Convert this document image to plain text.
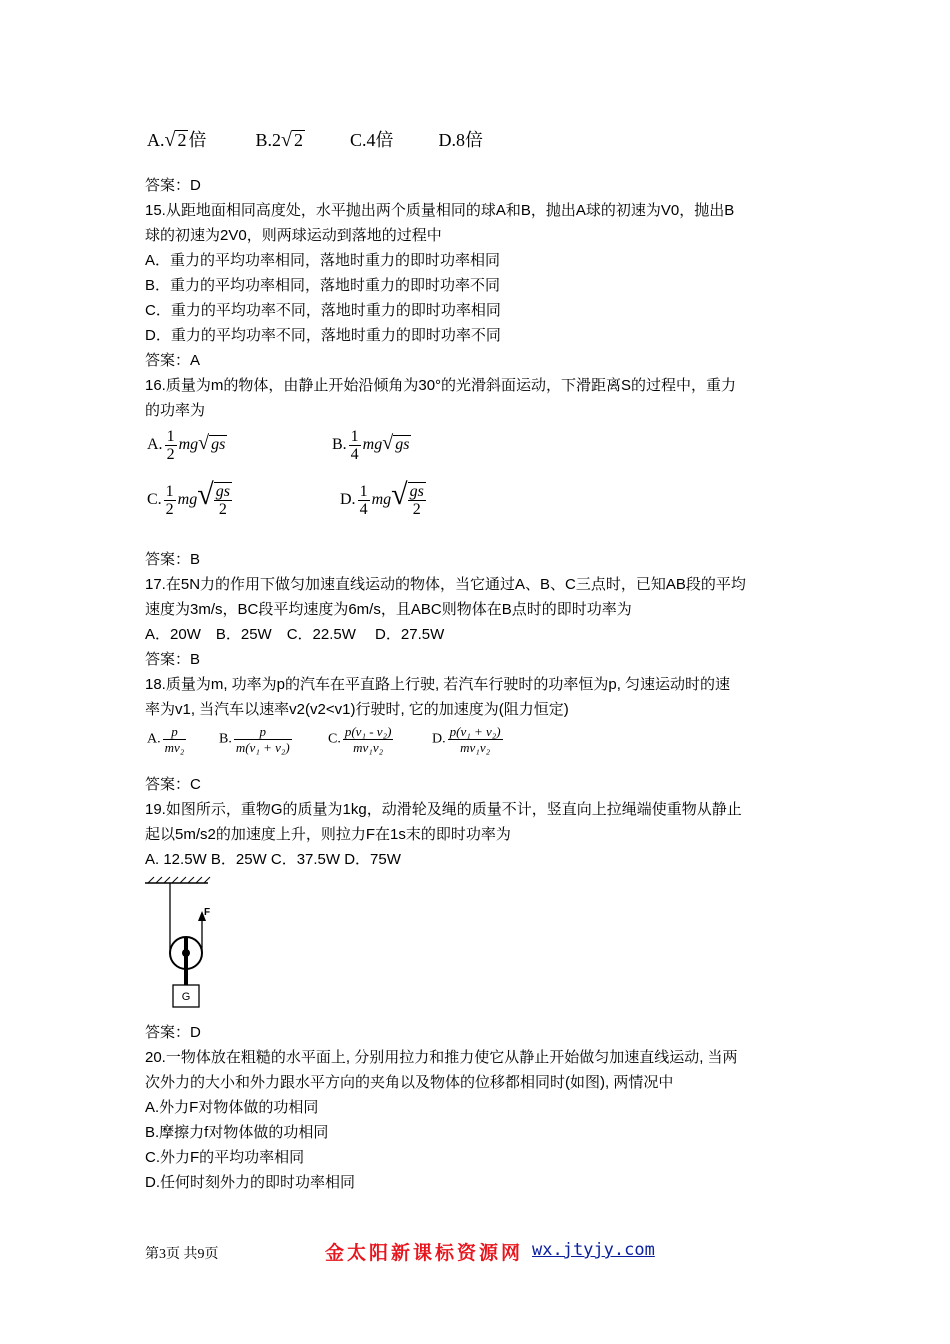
A.√ 2 倍	B.2√ 2	C.4倍	D.8倍
答案：D
15.从距地面相同高度处，水平抛出两个质量相同的球A和B，抛出A球的初速为V0，抛出B
球的初速为2V0，则两球运动到落地的过程中
A．重力的平均功率相同，落地时重力的即时功率相同
B．重力的平均功率相同，落地时重力的即时功率不同
C．重力的平均功率不同，落地时重力的即时功率相同
D．重力的平均功率不同，落地时重力的即时功率不同
答案：A
16.质量为m的物体，由静止开始沿倾角为30°的光滑斜面运动，下滑距离S的过程中，重力
的功率为
A. $\frac{1}{2} mg√$ gs	B. $\frac{1}{4} mg√$ gs
C. $\frac{1}{2} mg√ \frac{gs}{2}$	D. $\frac{1}{4} mg√ \frac{gs}{2}$
答案：B
17.在5N力的作用下做匀加速直线运动的物体，当它通过A、B、C三点时，已知AB段的平均
速度为3m/s，BC段平均速度为6m/s，且ABC则物体在B点时的即时功率为
A．20W　B．25W　C．22.5W　 D．27.5W
答案：B
18.质量为m, 功率为p的汽车在平直路上行驶, 若汽车行驶时的功率恒为p, 匀速运动时的速
率为v1, 当汽车以速率v2(v2<v1)行驶时, 它的加速度为(阻力恒定)
A. $\frac{p}{\text{mv₂}} B$. $\frac{p}{\text{m(v₁ + v₂)}}$	C. $\frac{\text{p(v₁ - v₂)}}{\text{mv₁v₂}}$	D. $\frac{\text{p(v₁ + v₂)}}{\text{mv₁v₂}}$
答案：C
19.如图所示，重物G的质量为1kg，动滑轮及绳的质量不计，竖直向上拉绳端使重物从静止
起以5m/s2的加速度上升，则拉力F在1s末的即时功率为
A. 12.5W B．25W C．37.5W D．75W
F
G
答案：D
20.一物体放在粗糙的水平面上, 分别用拉力和推力使它从静止开始做匀加速直线运动, 当两
次外力的大小和外力跟水平方向的夹角以及物体的位移都相同时(如图), 两情况中
A.外力F对物体做的功相同
B.摩擦力f对物体做的功相同
C.外力F的平均功率相同
D.任何时刻外力的即时功率相同
第3页 共9页	金太阳新课标资源网 wx.jtyjy.com
